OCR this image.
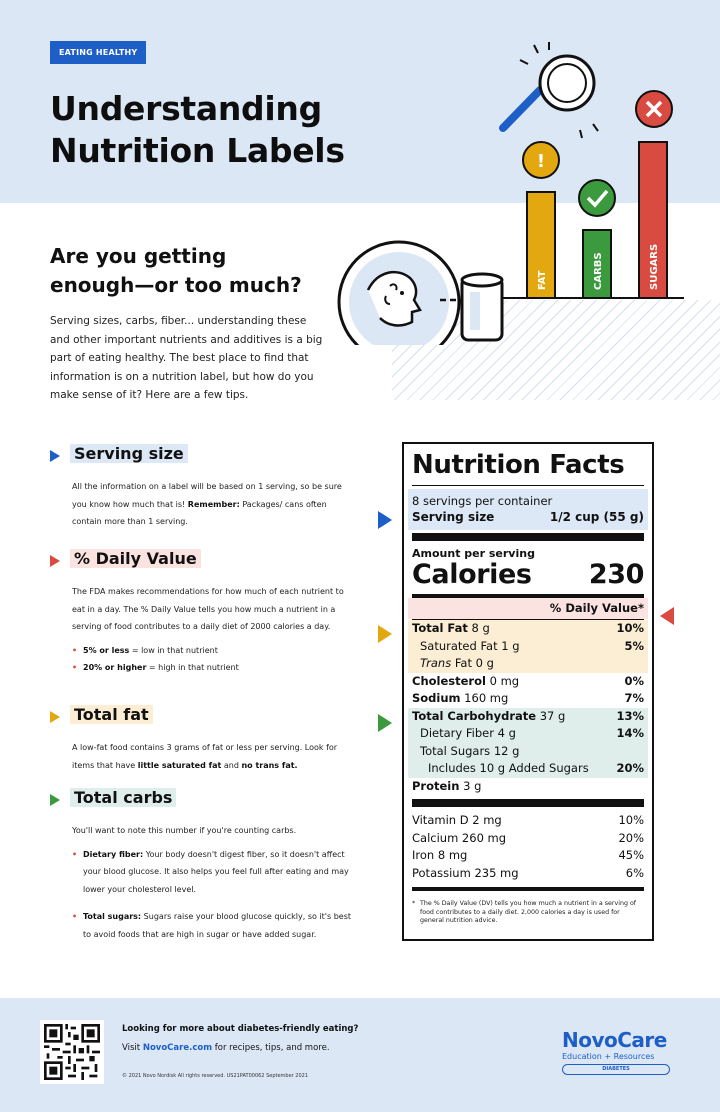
EATING HEALTHY
Understanding
Nutrition Labels
FAT
!
CARBS	SUGARS
Are you getting
enough—or too much?
Serving sizes, carbs, fiber... understanding these and other important nutrients and additives is a big part of eating healthy. The best place to find that information is on a nutrition label, but how do you make sense of it? Here are a few tips.
Serving size
All the information on a label will be based on 1 serving, so be sure you know how much that is! Remember: Packages/ cans often contain more than 1 serving.
% Daily Value
The FDA makes recommendations for how much of each nutrient to eat in a day. The % Daily Value tells you how much a nutrient in a serving of food contributes to a daily diet of 2000 calories a day.
• 5% or less = low in that nutrient
• 20% or higher = high in that nutrient
Total fat
A low-fat food contains 3 grams of fat or less per serving. Look for items that have little saturated fat and no trans fat.
Total carbs
You'll want to note this number if you're counting carbs.
• Dietary fiber: Your body doesn't digest fiber, so it doesn't affect your blood glucose. It also helps you feel full after eating and may lower your cholesterol level.
• Total sugars: Sugars raise your blood glucose quickly, so it's best to avoid foods that are high in sugar or have added sugar.
Nutrition Facts
8 servings per container
Serving size	1/2 cup (55 g)
Amount per serving
Calories 230
% Daily Value*
Total Fat 8 g	10%
Saturated Fat 1 g	5%
Trans Fat 0 g
Cholesterol 0 mg	0%
Sodium 160 mg	7%
Total Carbohydrate 37 g	13%
Dietary Fiber 4 g	14%
Total Sugars 12 g
Includes 10 g Added Sugars 20%
Protein 3 g
Vitamin D 2 mg	10%
Calcium 260 mg	20%
Iron 8 mg	45%
Potassium 235 mg	6%
* The % Daily Value (DV) tells you how much a nutrient in a serving of food contributes to a daily diet. 2,000 calories a day is used for general nutrition advice.
Looking for more about diabetes-friendly eating?
Visit NovoCare.com for recipes, tips, and more.
© 2021 Novo Nordisk All rights reserved. US21PAT00062 September 2021
NovoCare
Education + Resources
DIABETES
